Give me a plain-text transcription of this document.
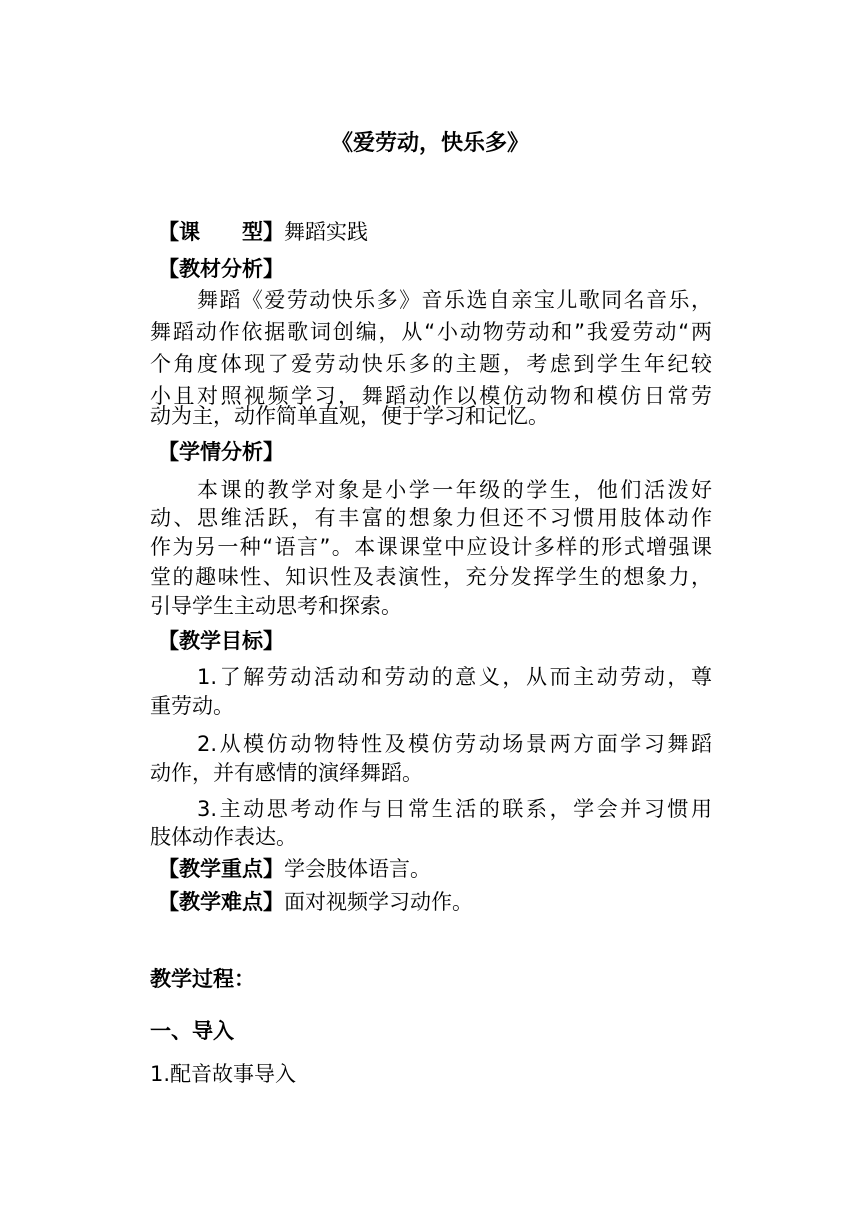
《爱劳动，快乐多》
【课　　型】舞蹈实践
【教材分析】
舞蹈《爱劳动快乐多》音乐选自亲宝儿歌同名音乐，
舞蹈动作依据歌词创编，从“小动物劳动和”我爱劳动“两
个角度体现了爱劳动快乐多的主题，考虑到学生年纪较
小且对照视频学习，舞蹈动作以模仿动物和模仿日常劳
动为主，动作简单直观，便于学习和记忆。
【学情分析】
本课的教学对象是小学一年级的学生，他们活泼好
动、思维活跃，有丰富的想象力但还不习惯用肢体动作
作为另一种“语言”。本课课堂中应设计多样的形式增强课
堂的趣味性、知识性及表演性，充分发挥学生的想象力，
引导学生主动思考和探索。
【教学目标】
1.了解劳动活动和劳动的意义，从而主动劳动，尊
重劳动。
2.从模仿动物特性及模仿劳动场景两方面学习舞蹈
动作，并有感情的演绎舞蹈。
3.主动思考动作与日常生活的联系，学会并习惯用
肢体动作表达。
【教学重点】学会肢体语言。
【教学难点】面对视频学习动作。
教学过程：
一、导入
1.配音故事导入
